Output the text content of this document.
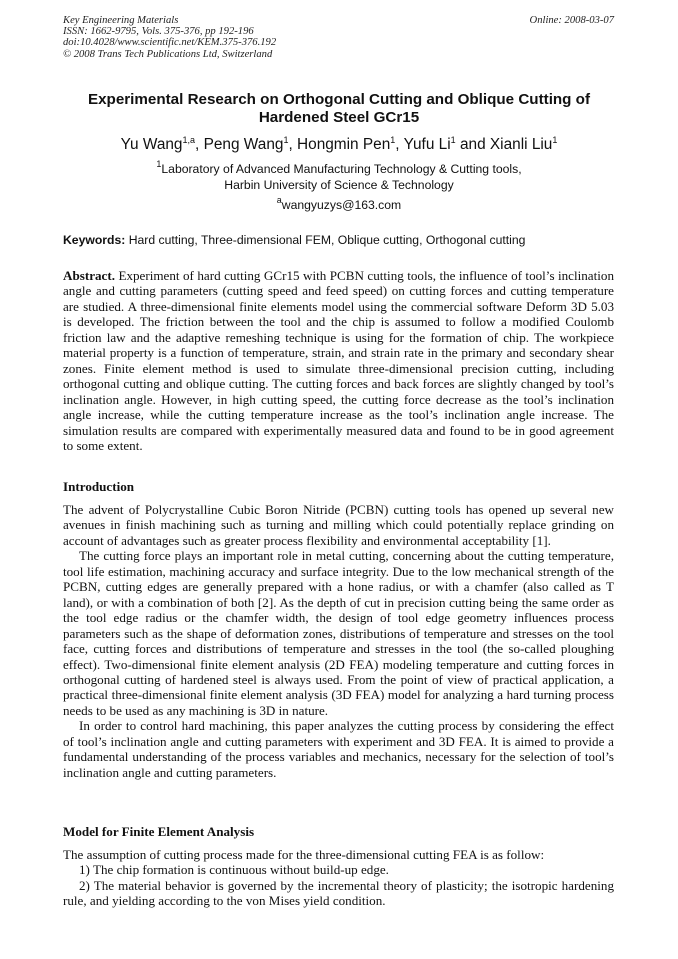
Key Engineering Materials
ISSN: 1662-9795, Vols. 375-376, pp 192-196
doi:10.4028/www.scientific.net/KEM.375-376.192
© 2008 Trans Tech Publications Ltd, Switzerland
Online: 2008-03-07
Experimental Research on Orthogonal Cutting and Oblique Cutting of
Hardened Steel GCr15
Yu Wang$^{1,a}$, Peng Wang$^1$, Hongmin Pen$^1$, Yufu Li$^1$ and Xianli Liu$^1$
$^1$Laboratory of Advanced Manufacturing Technology & Cutting tools,
Harbin University of Science & Technology
$^a$wangyuzys@163.com
Keywords: Hard cutting, Three-dimensional FEM, Oblique cutting, Orthogonal cutting

Abstract. Experiment of hard cutting GCr15 with PCBN cutting tools, the influence of tool’s inclination angle and cutting parameters (cutting speed and feed speed) on cutting forces and cutting temperature are studied. A three-dimensional finite elements model using the commercial software Deform 3D 5.03 is developed. The friction between the tool and the chip is assumed to follow a modified Coulomb friction law and the adaptive remeshing technique is using for the formation of chip. The workpiece material property is a function of temperature, strain, and strain rate in the primary and secondary shear zones. Finite element method is used to simulate three-dimensional precision cutting, including orthogonal cutting and oblique cutting. The cutting forces and back forces are slightly changed by tool’s inclination angle. However, in high cutting speed, the cutting force decrease as the tool’s inclination angle increase, while the cutting temperature increase as the tool’s inclination angle increase. The simulation results are compared with experimentally measured data and found to be in good agreement to some extent.

Introduction

The advent of Polycrystalline Cubic Boron Nitride (PCBN) cutting tools has opened up several new avenues in finish machining such as turning and milling which could potentially replace grinding on account of advantages such as greater process flexibility and environmental acceptability [1].

The cutting force plays an important role in metal cutting, concerning about the cutting temperature, tool life estimation, machining accuracy and surface integrity. Due to the low mechanical strength of the PCBN, cutting edges are generally prepared with a hone radius, or with a chamfer (also called as T land), or with a combination of both [2]. As the depth of cut in precision cutting being the same order as the tool edge radius or the chamfer width, the design of tool edge geometry influences process parameters such as the shape of deformation zones, distributions of temperature and stresses on the tool face, cutting forces and distributions of temperature and stresses in the tool (the so-called ploughing effect). Two-dimensional finite element analysis (2D FEA) modeling temperature and cutting forces in orthogonal cutting of hardened steel is always used. From the point of view of practical application, a practical three-dimensional finite element analysis (3D FEA) model for analyzing a hard turning process needs to be used as any machining is 3D in nature.

In order to control hard machining, this paper analyzes the cutting process by considering the effect of tool’s inclination angle and cutting parameters with experiment and 3D FEA. It is aimed to provide a fundamental understanding of the process variables and mechanics, necessary for the selection of tool’s inclination angle and cutting parameters.

Model for Finite Element Analysis

The assumption of cutting process made for the three-dimensional cutting FEA is as follow:

1) The chip formation is continuous without build-up edge.

2) The material behavior is governed by the incremental theory of plasticity; the isotropic hardening rule, and yielding according to the von Mises yield condition.
